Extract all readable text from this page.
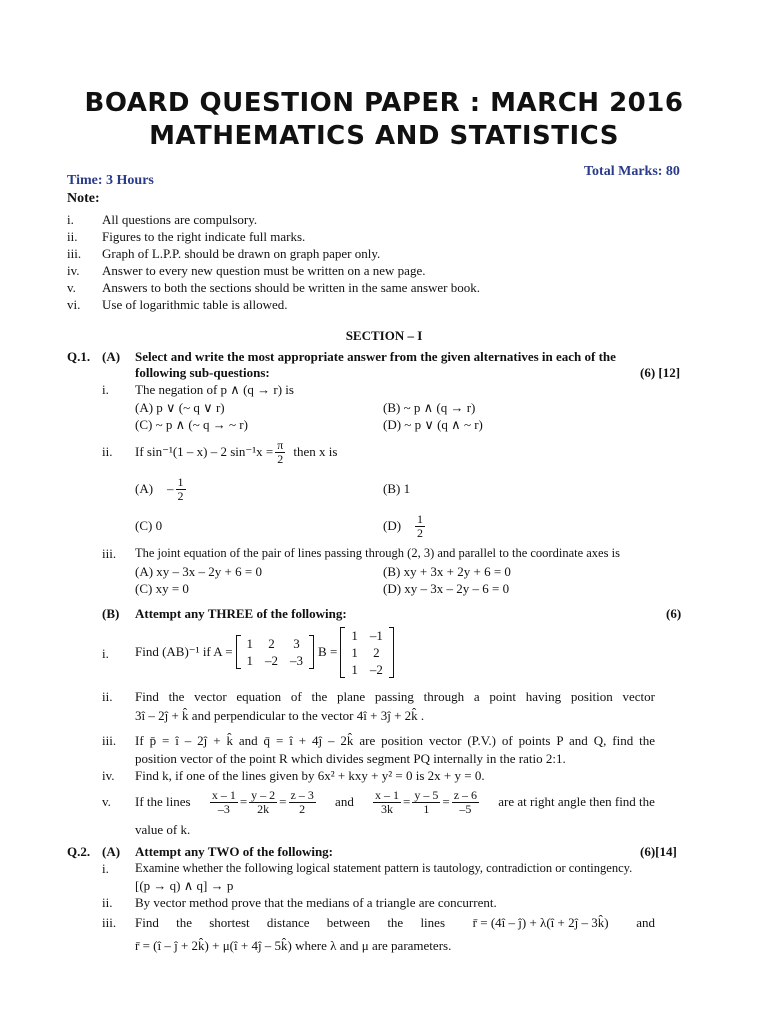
BOARD QUESTION PAPER : MARCH 2016
MATHEMATICS AND STATISTICS
Total Marks: 80
Time: 3 Hours
Note:
i. All questions are compulsory.
ii. Figures to the right indicate full marks.
iii. Graph of L.P.P. should be drawn on graph paper only.
iv. Answer to every new question must be written on a new page.
v. Answers to both the sections should be written in the same answer book.
vi. Use of logarithmic table is allowed.
SECTION – I
Q.1. (A) Select and write the most appropriate answer from the given alternatives in each of the
following sub-questions:	(6) [12]
i. The negation of p ∧ (q → r) is
(A) p ∨ (~ q ∨ r)	(B) ~ p ∧ (q → r)
(C) ~ p ∧ (~ q → ~ r)	(D) ~ p ∨ (q ∧ ~ r)
ii. If sin⁻¹(1 – x) – 2 $\sin^{-1}x = \frac{\pi}{2}$ then x is
$(A) - \frac{1}{2}$	(B) 1
(C) 0	$(D) \frac{1}{2}$
iii. The joint equation of the pair of lines passing through (2, 3) and parallel to the coordinate axes is
(A) xy – 3x – 2y + 6 = 0	(B) xy + 3x + 2y + 6 = 0
(C) xy = 0	(D) xy – 3x – 2y – 6 = 0
(B) Attempt any THREE of the following:	(6)
i. Find (AB)⁻¹ if A =
1	2	3
1	–2	–3
B =
1	–1
1	2
1	–2
ii. Find the vector equation of the plane passing through a point having position vector
3î – 2ĵ + k̂ and perpendicular to the vector 4î + 3ĵ + 2k̂ .
iii. If p̄ = î – 2ĵ + k̂ and q̄ = î + 4ĵ – 2k̂ are position vector (P.V.) of points P and Q, find the
position vector of the point R which divides segment PQ internally in the ratio 2:1.
iv. Find k, if one of the lines given by 6x² + kxy + y² = 0 is 2x + y = 0.
v. If the lines $\frac{x - 1}{-3} = \frac{y - 2}{2k} = \frac{z - 3}{2}$ and $\frac{x - 1}{3k} = \frac{y - 5}{1} = \frac{z - 6}{-5}$ are at right angle then find the
value of k.
Q.2. (A) Attempt any TWO of the following:	(6)[14]
i. Examine whether the following logical statement pattern is tautology, contradiction or contingency.
[(p → q) ∧ q] → p
ii. By vector method prove that the medians of a triangle are concurrent.
iii. Find the shortest distance between the lines r̄ = (4î – ĵ) + λ(î + 2ĵ – 3k̂) and
r̄ = (î – ĵ + 2k̂) + μ(î + 4ĵ – 5k̂) where λ and μ are parameters.
